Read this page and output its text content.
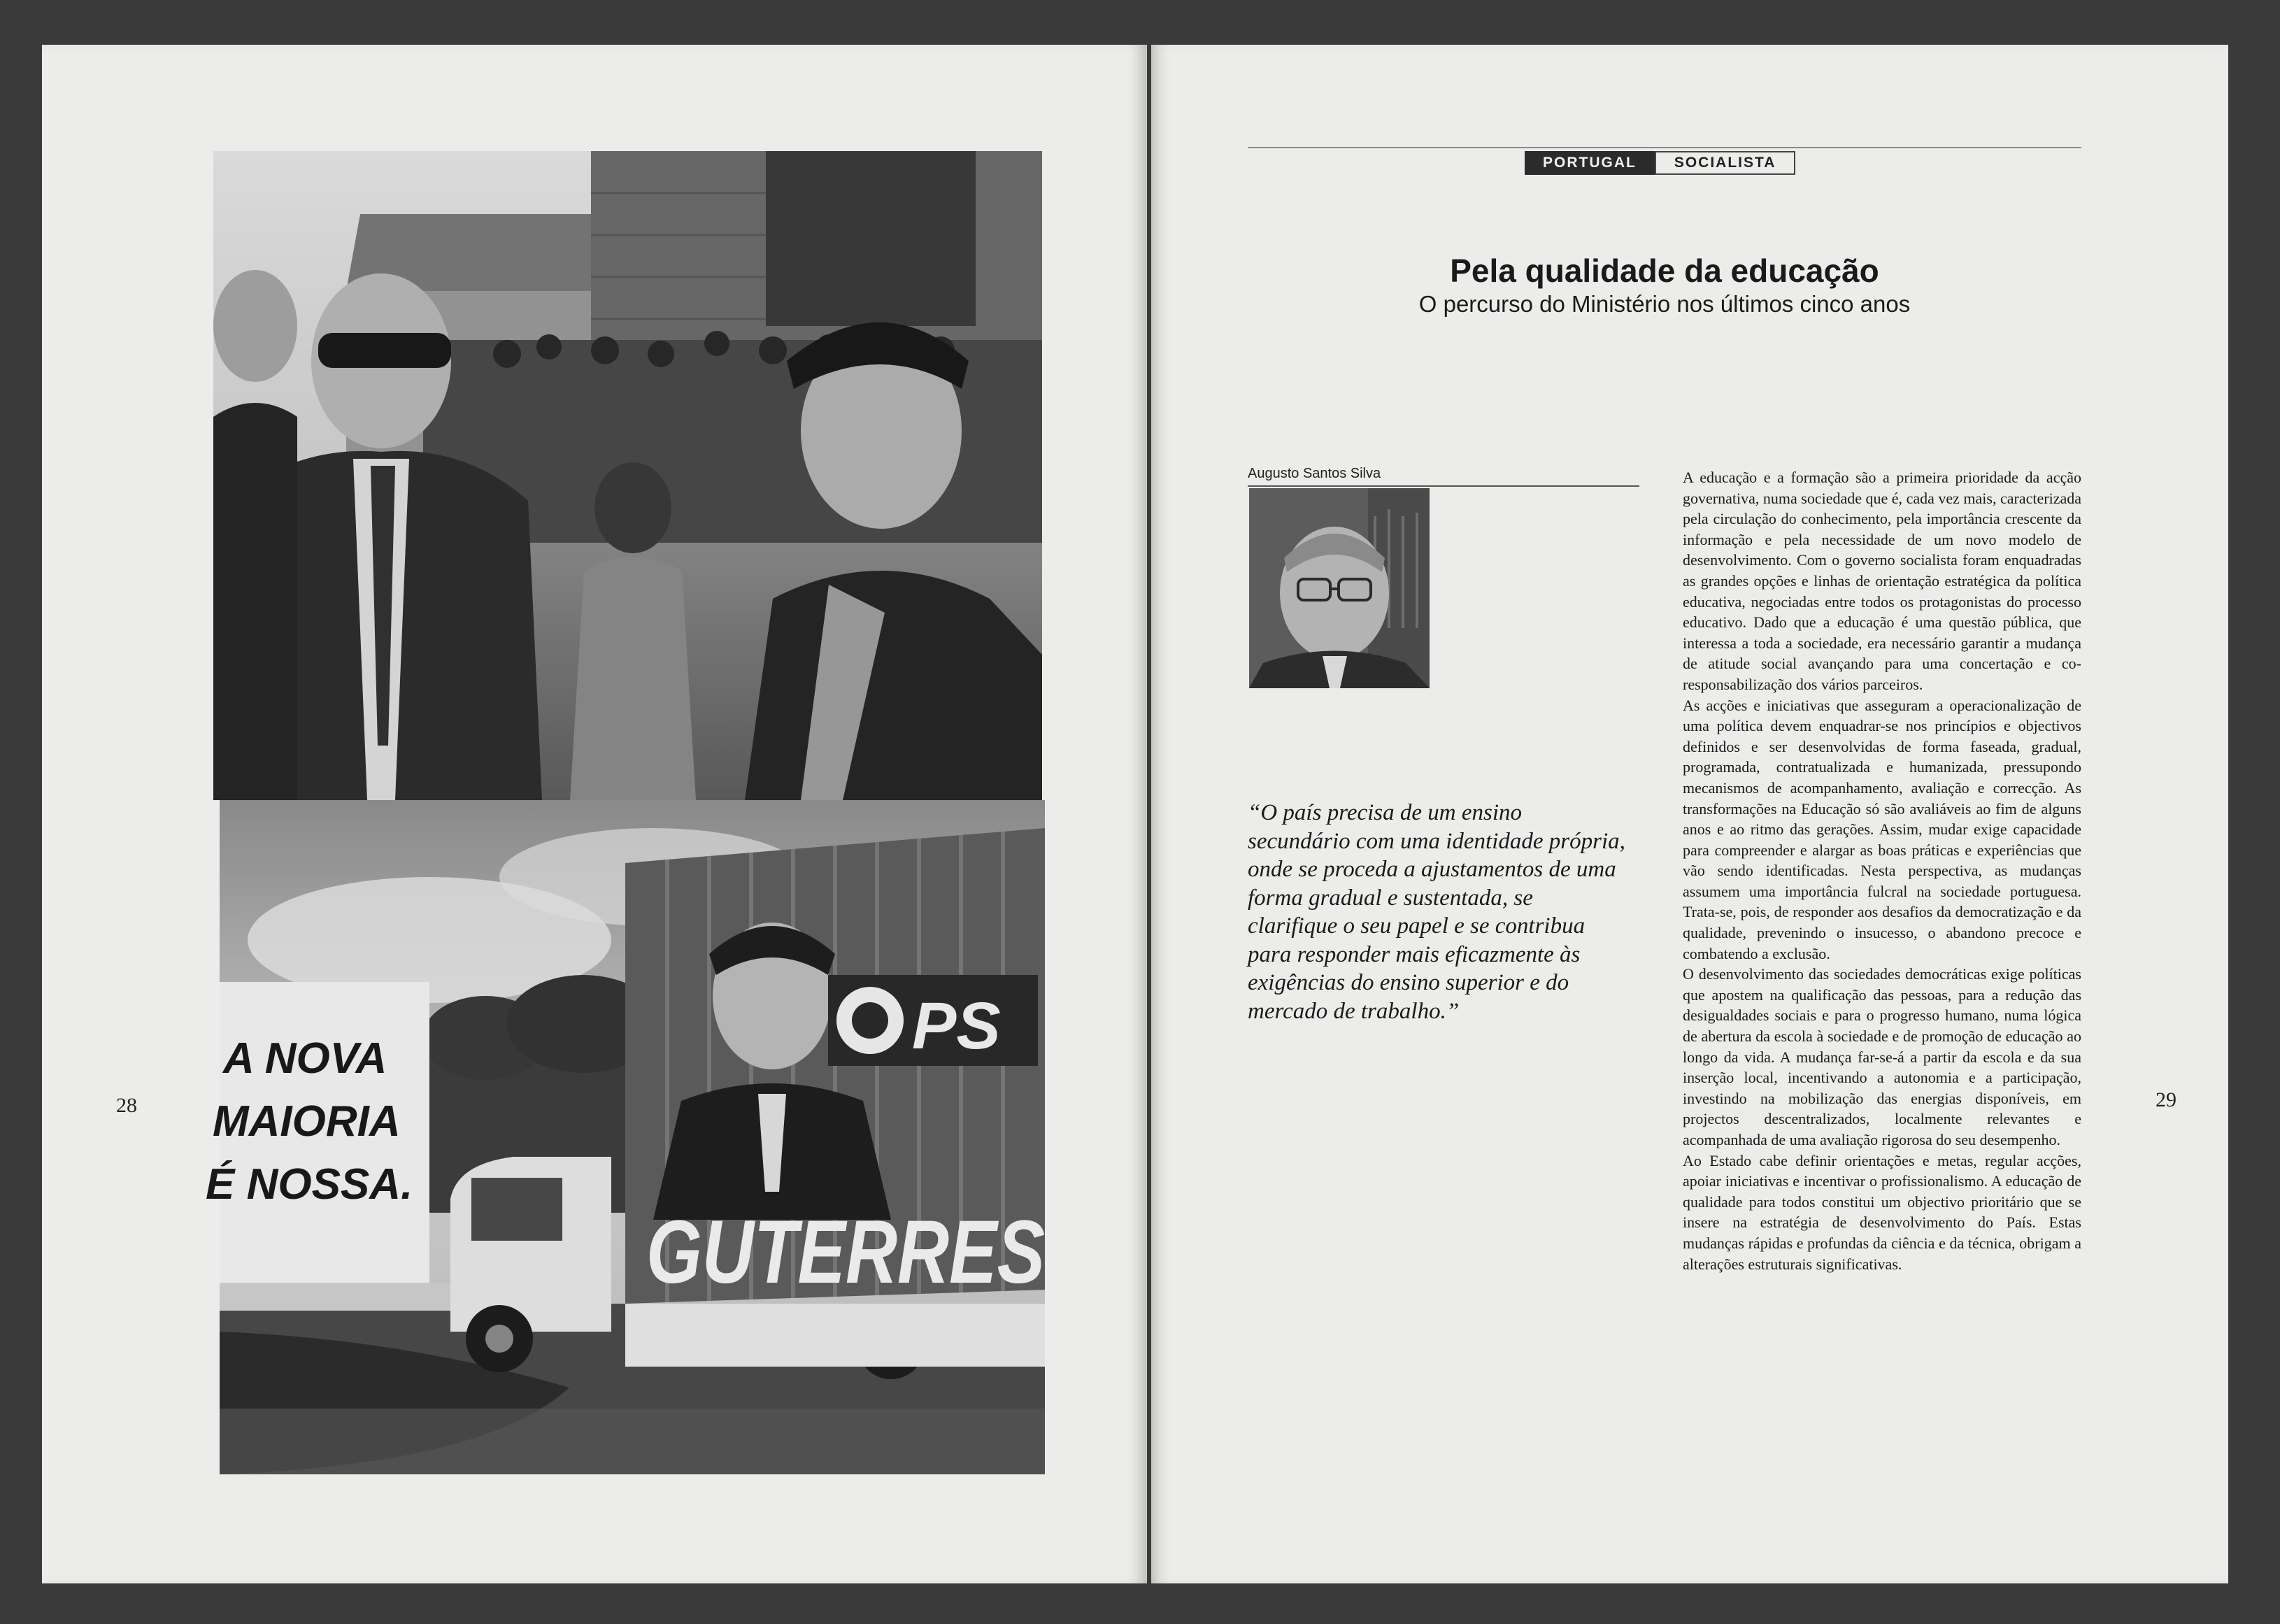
A NOVA
MAIORIA
É NOSSA.
PS
GUTERRES
28
PORTUGAL	SOCIALISTA
Pela qualidade da educação
O percurso do Ministério nos últimos cinco anos
Augusto Santos Silva
“O país precisa de um ensino secundário com uma identidade própria, onde se proceda a ajustamentos de uma forma gradual e sustentada, se clarifique o seu papel e se contribua para responder mais eficazmente às exigências do ensino superior e do mercado de trabalho.”

A educação e a formação são a primeira prioridade da acção governativa, numa sociedade que é, cada vez mais, caracterizada pela circulação do conhecimento, pela importância crescente da informação e pela necessidade de um novo modelo de desenvolvimento. Com o governo socialista foram enquadradas as grandes opções e linhas de orientação estratégica da política educativa, negociadas entre todos os protagonistas do processo educativo. Dado que a educação é uma questão pública, que interessa a toda a sociedade, era necessário garantir a mudança de atitude social avançando para uma concertação e co-responsabilização dos vários parceiros.

As acções e iniciativas que asseguram a operacionalização de uma política devem enquadrar-se nos princípios e objectivos definidos e ser desenvolvidas de forma faseada, gradual, programada, contratualizada e humanizada, pressupondo mecanismos de acompanhamento, avaliação e correcção. As transformações na Educação só são avaliáveis ao fim de alguns anos e ao ritmo das gerações. Assim, mudar exige capacidade para compreender e alargar as boas práticas e experiências que vão sendo identificadas. Nesta perspectiva, as mudanças assumem uma importância fulcral na sociedade portuguesa. Trata-se, pois, de responder aos desafios da democratização e da qualidade, prevenindo o insucesso, o abandono precoce e combatendo a exclusão.

O desenvolvimento das sociedades democráticas exige políticas que apostem na qualificação das pessoas, para a redução das desigualdades sociais e para o progresso humano, numa lógica de abertura da escola à sociedade e de promoção de educação ao longo da vida. A mudança far-se-á a partir da escola e da sua inserção local, incentivando a autonomia e a participação, investindo na mobilização das energias disponíveis, em projectos descentralizados, localmente relevantes e acompanhada de uma avaliação rigorosa do seu desempenho.

Ao Estado cabe definir orientações e metas, regular acções, apoiar iniciativas e incentivar o profissionalismo. A educação de qualidade para todos constitui um objectivo prioritário que se insere na estratégia de desenvolvimento do País. Estas mudanças rápidas e profundas da ciência e da técnica, obrigam a alterações estruturais significativas.

29
